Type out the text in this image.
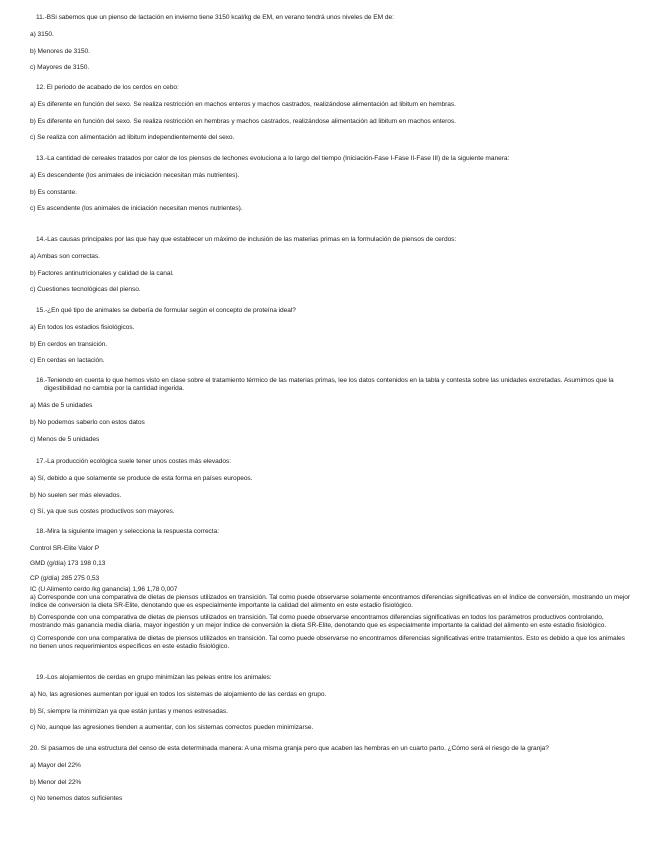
11.-BSi sabemos que un pienso de lactación en invierno tiene 3150 kcal/kg de EM, en verano tendrá unos niveles de EM de:
a) 3150.
b) Menores de 3150.
c) Mayores de 3150.
12. El periodo de acabado de los cerdos en cebo:
a) Es diferente en función del sexo. Se realiza restricción en machos enteros y machos castrados, realizándose alimentación ad libitum en hembras.
b) Es diferente en función del sexo. Se realiza restricción en hembras y machos castrados, realizándose alimentación ad libitum en machos enteros.
c) Se realiza con alimentación ad libitum independientemente del sexo.
13.-La cantidad de cereales tratados por calor de los piensos de lechones evoluciona a lo largo del tiempo (Iniciación-Fase I-Fase II-Fase III) de la siguiente manera:
a) Es descendente (los animales de iniciación necesitan más nutrientes).
b) Es constante.
c) Es ascendente (los animales de iniciación necesitan menos nutrientes).
14.-Las causas principales por las que hay que establecer un máximo de inclusión de las materias primas en la formulación de piensos de cerdos:
a) Ambas son correctas.
b) Factores antinutricionales y calidad de la canal.
c) Cuestiones tecnológicas del pienso.
15.-¿En qué tipo de animales se debería de formular según el concepto de proteína ideal?
a) En todos los estadios fisiológicos.
b) En cerdos en transición.
c) En cerdas en lactación.
16.-Teniendo en cuenta lo que hemos visto en clase sobre el tratamiento térmico de las materias primas, lee los datos contenidos en la tabla y contesta sobre las unidades excretadas. Asumimos que la digestibilidad no cambia por la cantidad ingerida.
a) Más de 5 unidades
b) No podemos saberlo con estos datos
c) Menos de 5 unidades
17.-La producción ecológica suele tener unos costes más elevados:
a) Sí, debido a que solamente se produce de esta forma en países europeos.
b) No suelen ser más elevados.
c) Sí, ya que sus costes productivos son mayores.
18.-Mira la siguiente imagen y selecciona la respuesta correcta:
Control SR-Elite Valor P
GMD (g/día) 173 198 0,13
CP (g/día) 285 275 0,53
IC (U Alimento cerdo /kg ganancia) 1,96 1,78 0,007
a) Corresponde con una comparativa de dietas de piensos utilizados en transición. Tal como puede observarse solamente encontramos diferencias significativas en el índice de conversión, mostrando un mejor índice de conversión la dieta SR-Elite, denotando que es especialmente importante la calidad del alimento en este estadio fisiológico.
b) Corresponde con una comparativa de dietas de piensos utilizados en transición. Tal como puede observarse encontramos diferencias significativas en todos los parámetros productivos controlando, mostrando más ganancia media diaria, mayor ingestión y un mejor índice de conversión la dieta SR-Elite, denotando que es especialmente importante la calidad del alimento en este estadio fisiológico.
c) Corresponde con una comparativa de dietas de piensos utilizados en transición. Tal como puede observarse no encontramos diferencias significativas entre tratamientos. Esto es debido a que los animales no tienen unos requerimientos específicos en este estadio fisiológico.
19.-Los alojamientos de cerdas en grupo minimizan las peleas entre los animales:
a) No, las agresiones aumentan por igual en todos los sistemas de alojamiento de las cerdas en grupo.
b) Sí, siempre la minimizan ya que están juntas y menos estresadas.
c) No, aunque las agresiones tienden a aumentar, con los sistemas correctos pueden minimizarse.
20. Si pasamos de una estructura del censo de esta determinada manera: A una misma granja pero que acaben las hembras en un cuarto parto. ¿Cómo será el riesgo de la granja?
a) Mayor del 22%
b) Menor del 22%
c) No tenemos datos suficientes
